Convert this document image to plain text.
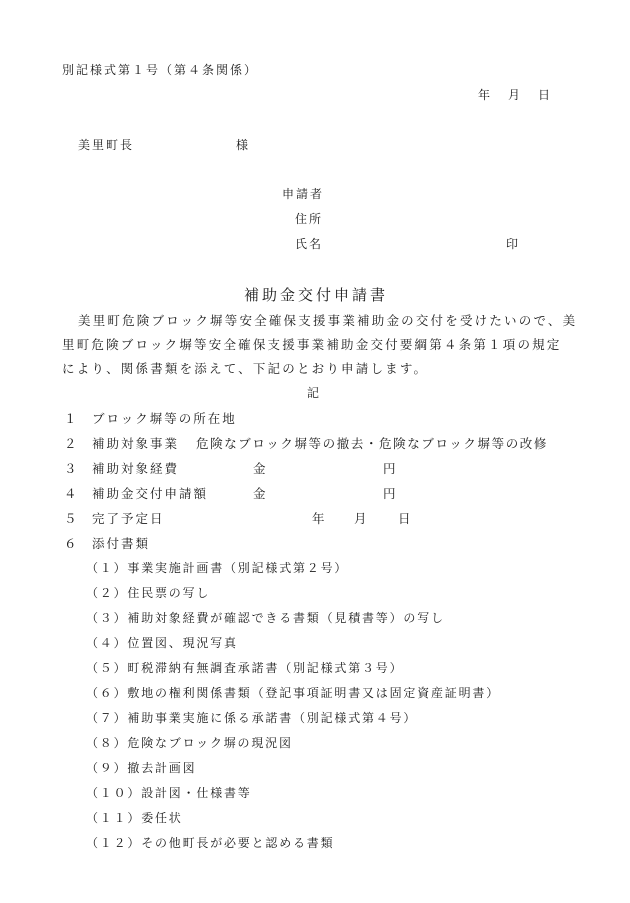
別記様式第１号（第４条関係）
年 月 日
美里町長	様
申請者
住所
氏名	印
補助金交付申請書
美里町危険ブロック塀等安全確保支援事業補助金の交付を受けたいので、美
里町危険ブロック塀等安全確保支援事業補助金交付要綱第４条第１項の規定
により、関係書類を添えて、下記のとおり申請します。
記
１ ブロック塀等の所在地
２ 補助対象事業 危険なブロック塀等の撤去・危険なブロック塀等の改修
３ 補助対象経費	金	円
４ 補助金交付申請額	金	円
５ 完了予定日	年 月 日
６ 添付書類
（１）事業実施計画書（別記様式第２号）
（２）住民票の写し
（３）補助対象経費が確認できる書類（見積書等）の写し
（４）位置図、現況写真
（５）町税滞納有無調査承諾書（別記様式第３号）
（６）敷地の権利関係書類（登記事項証明書又は固定資産証明書）
（７）補助事業実施に係る承諾書（別記様式第４号）
（８）危険なブロック塀の現況図
（９）撤去計画図
（１０）設計図・仕様書等
（１１）委任状
（１２）その他町長が必要と認める書類
